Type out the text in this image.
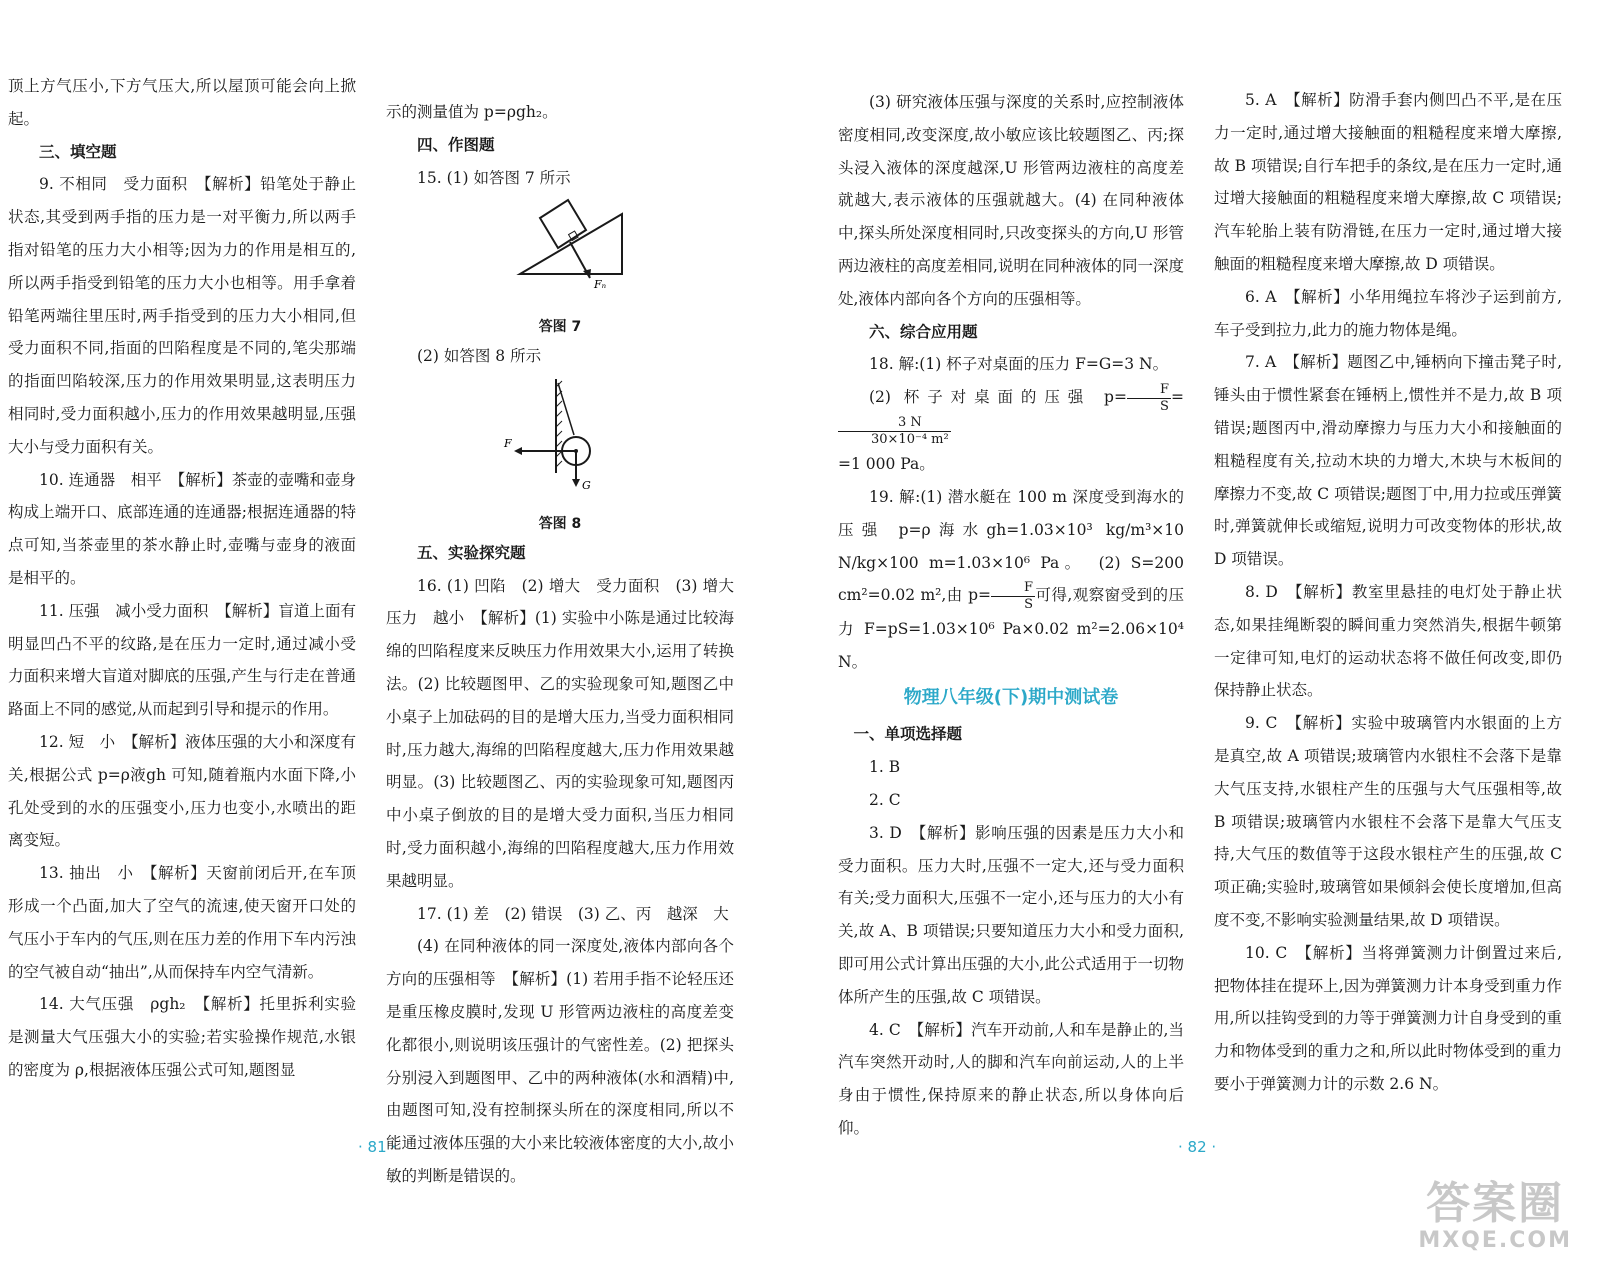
顶上方气压小,下方气压大,所以屋顶可能会向上掀起。

三、填空题

9. 不相同　受力面积　【解析】铅笔处于静止状态,其受到两手指的压力是一对平衡力,所以两手指对铅笔的压力大小相等;因为力的作用是相互的,所以两手指受到铅笔的压力大小也相等。用手拿着铅笔两端往里压时,两手指受到的压力大小相同,但受力面积不同,指面的凹陷程度是不同的,笔尖那端的指面凹陷较深,压力的作用效果明显,这表明压力相同时,受力面积越小,压力的作用效果越明显,压强大小与受力面积有关。

10. 连通器　相平　【解析】茶壶的壶嘴和壶身构成上端开口、底部连通的连通器;根据连通器的特点可知,当茶壶里的茶水静止时,壶嘴与壶身的液面是相平的。

11. 压强　减小受力面积　【解析】盲道上面有明显凹凸不平的纹路,是在压力一定时,通过减小受力面积来增大盲道对脚底的压强,产生与行走在普通路面上不同的感觉,从而起到引导和提示的作用。

12. 短　小　【解析】液体压强的大小和深度有关,根据公式 p=ρ液gh 可知,随着瓶内水面下降,小孔处受到的水的压强变小,压力也变小,水喷出的距离变短。

13. 抽出　小　【解析】天窗前闭后开,在车顶形成一个凸面,加大了空气的流速,使天窗开口处的气压小于车内的气压,则在压力差的作用下车内污浊的空气被自动“抽出”,从而保持车内空气清新。

14. 大气压强　ρgh₂　【解析】托里拆利实验是测量大气压强大小的实验;若实验操作规范,水银的密度为 ρ,根据液体压强公式可知,题图显

示的测量值为 p=ρgh₂。

四、作图题

15. (1) 如答图 7 所示

Fₙ

答图 7

(2) 如答图 8 所示

F
G

答图 8

五、实验探究题

16. (1) 凹陷　(2) 增大　受力面积　(3) 增大　压力　越小　【解析】(1) 实验中小陈是通过比较海绵的凹陷程度来反映压力作用效果大小,运用了转换法。(2) 比较题图甲、乙的实验现象可知,题图乙中小桌子上加砝码的目的是增大压力,当受力面积相同时,压力越大,海绵的凹陷程度越大,压力作用效果越明显。(3) 比较题图乙、丙的实验现象可知,题图丙中小桌子倒放的目的是增大受力面积,当压力相同时,受力面积越小,海绵的凹陷程度越大,压力作用效果越明显。

17. (1) 差　(2) 错误　(3) 乙、丙　越深　大

(4) 在同种液体的同一深度处,液体内部向各个方向的压强相等　【解析】(1) 若用手指不论轻压还是重压橡皮膜时,发现 U 形管两边液柱的高度差变化都很小,则说明该压强计的气密性差。(2) 把探头分别浸入到题图甲、乙中的两种液体(水和酒精)中,由题图可知,没有控制探头所在的深度相同,所以不能通过液体压强的大小来比较液体密度的大小,故小敏的判断是错误的。

· 81 ·

(3) 研究液体压强与深度的关系时,应控制液体密度相同,改变深度,故小敏应该比较题图乙、丙;探头浸入液体的深度越深,U 形管两边液柱的高度差就越大,表示液体的压强就越大。(4) 在同种液体中,探头所处深度相同时,只改变探头的方向,U 形管两边液柱的高度差相同,说明在同种液体的同一深度处,液体内部向各个方向的压强相等。

六、综合应用题

18. 解:(1) 杯子对桌面的压力 F=G=3 N。

(2) 杯子对桌面的压强 $p= \frac{F}{S}$ =
$\frac{3 N}{\text{30×10⁻⁴ m²}}$

=1 000 Pa。

19. 解:(1) 潜水艇在 100 m 深度受到海水的压强 p=ρ海水gh=1.03×10³ kg/m³×10 N/kg×100 m=1.03×10⁶ Pa。　(2) S=200 cm²=0.02 m²,由 $p= \frac{F}{S}$ 可得,观察窗受到的压力 F=pS=1.03×10⁶ Pa×0.02 m²=2.06×10⁴ N。

物理八年级(下)期中测试卷

一、单项选择题

1. B

2. C

3. D　【解析】影响压强的因素是压力大小和受力面积。压力大时,压强不一定大,还与受力面积有关;受力面积大,压强不一定小,还与压力的大小有关,故 A、B 项错误;只要知道压力大小和受力面积,即可用公式计算出压强的大小,此公式适用于一切物体所产生的压强,故 C 项错误。

4. C　【解析】汽车开动前,人和车是静止的,当汽车突然开动时,人的脚和汽车向前运动,人的上半身由于惯性,保持原来的静止状态,所以身体向后仰。

5. A　【解析】防滑手套内侧凹凸不平,是在压力一定时,通过增大接触面的粗糙程度来增大摩擦,故 B 项错误;自行车把手的条纹,是在压力一定时,通过增大接触面的粗糙程度来增大摩擦,故 C 项错误;汽车轮胎上装有防滑链,在压力一定时,通过增大接触面的粗糙程度来增大摩擦,故 D 项错误。

6. A　【解析】小华用绳拉车将沙子运到前方,车子受到拉力,此力的施力物体是绳。

7. A　【解析】题图乙中,锤柄向下撞击凳子时,锤头由于惯性紧套在锤柄上,惯性并不是力,故 B 项错误;题图丙中,滑动摩擦力与压力大小和接触面的粗糙程度有关,拉动木块的力增大,木块与木板间的摩擦力不变,故 C 项错误;题图丁中,用力拉或压弹簧时,弹簧就伸长或缩短,说明力可改变物体的形状,故 D 项错误。

8. D　【解析】教室里悬挂的电灯处于静止状态,如果挂绳断裂的瞬间重力突然消失,根据牛顿第一定律可知,电灯的运动状态将不做任何改变,即仍保持静止状态。

9. C　【解析】实验中玻璃管内水银面的上方是真空,故 A 项错误;玻璃管内水银柱不会落下是靠大气压支持,水银柱产生的压强与大气压强相等,故 B 项错误;玻璃管内水银柱不会落下是靠大气压支持,大气压的数值等于这段水银柱产生的压强,故 C 项正确;实验时,玻璃管如果倾斜会使长度增加,但高度不变,不影响实验测量结果,故 D 项错误。

10. C　【解析】当将弹簧测力计倒置过来后,把物体挂在提环上,因为弹簧测力计本身受到重力作用,所以挂钩受到的力等于弹簧测力计自身受到的重力和物体受到的重力之和,所以此时物体受到的重力要小于弹簧测力计的示数 2.6 N。

· 82 ·
答案圈
MXQE.COM
